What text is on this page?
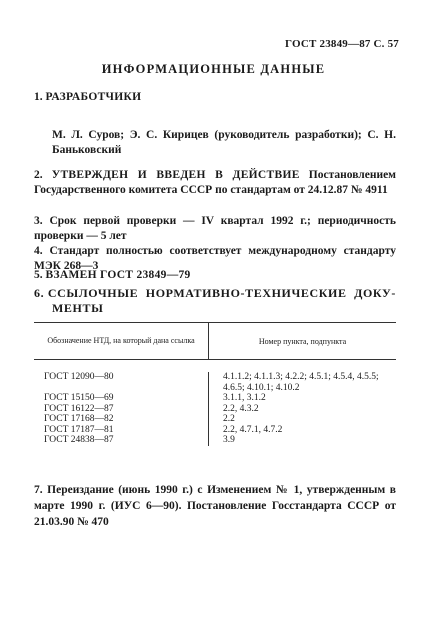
ГОСТ 23849—87 С. 57
ИНФОРМАЦИОННЫЕ ДАННЫЕ
1. РАЗРАБОТЧИКИ
М. Л. Суров; Э. С. Кирицев (руководитель разработки); С. Н. Баньковский
2. УТВЕРЖДЕН И ВВЕДЕН В ДЕЙСТВИЕ Постановлением Государственного комитета СССР по стандартам от 24.12.87 № 4911
3. Срок первой проверки — IV квартал 1992 г.; периодичность проверки — 5 лет
4. Стандарт полностью соответствует международному стандарту МЭК 268—3
5. ВЗАМЕН ГОСТ 23849—79
6. ССЫЛОЧНЫЕ НОРМАТИВНО-ТЕХНИЧЕСКИЕ ДОКУ-
МЕНТЫ
Обозначение НТД, на который дана ссылка	Номер пункта, подпункта
ГОСТ 12090—80
ГОСТ 15150—69
ГОСТ 16122—87
ГОСТ 17168—82
ГОСТ 17187—81
ГОСТ 24838—87
4.1.1.2; 4.1.1.3; 4.2.2; 4.5.1; 4.5.4, 4.5.5; 4.6.5; 4.10.1; 4.10.2
3.1.1, 3.1.2
2.2, 4.3.2
2.2
2.2, 4.7.1, 4.7.2
3.9
7. Переиздание (июнь 1990 г.) с Изменением № 1, утвержденным в марте 1990 г. (ИУС 6—90). Постановление Госстандарта СССР от 21.03.90 № 470
